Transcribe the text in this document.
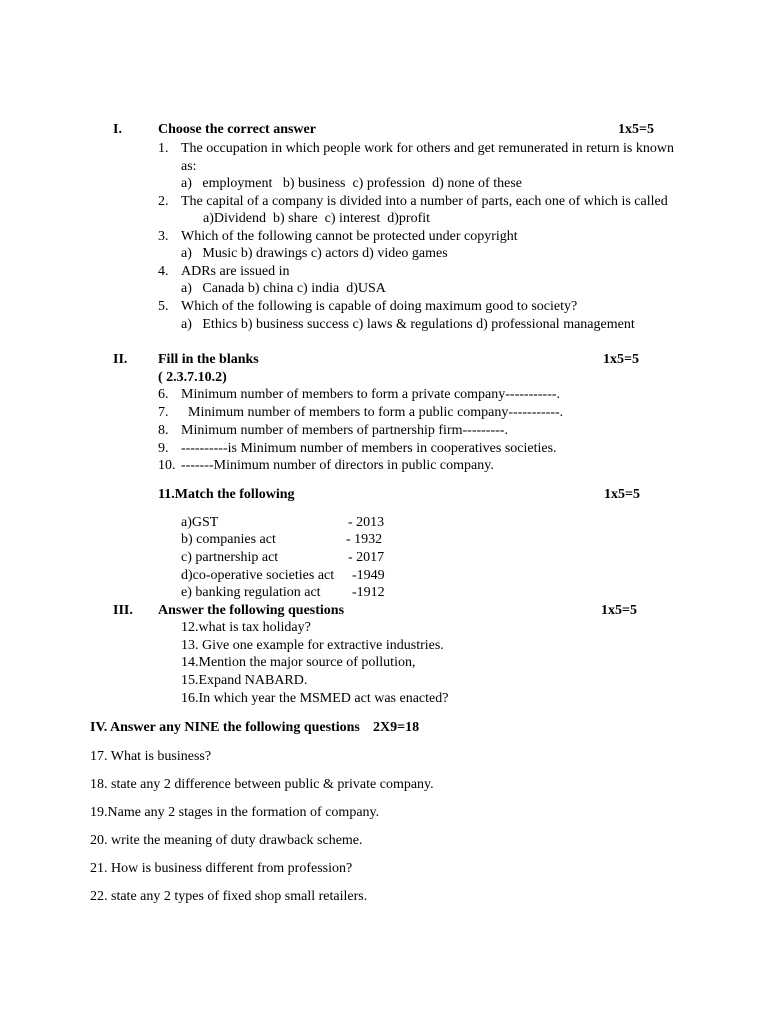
I.	Choose the correct answer	1x5=5
1. The occupation in which people work for others and get remunerated in return is known
as:
a)   employment   b) business  c) profession  d) none of these
2. The capital of a company is divided into a number of parts, each one of which is called
a)Dividend  b) share  c) interest  d)profit
3. Which of the following cannot be protected under copyright
a)   Music b) drawings c) actors d) video games
4. ADRs are issued in
a)   Canada b) china c) india  d)USA
5. Which of the following is capable of doing maximum good to society?
a)   Ethics b) business success c) laws & regulations d) professional management
II. Fill in the blanks	1x5=5
( 2.3.7.10.2)
6. Minimum number of members to form a private company-----------.
7. Minimum number of members to form a public company-----------.
8. Minimum number of members of partnership firm---------.
9. ----------is Minimum number of members in cooperatives societies.
10. -------Minimum number of directors in public company.
11.Match the following	1x5=5
a)GST	- 2013
b) companies act	- 1932
c) partnership act	- 2017
d)co-operative societies act -1949
e) banking regulation act -1912
III. Answer the following questions	1x5=5
12.what is tax holiday?
13. Give one example for extractive industries.
14.Mention the major source of pollution,
15.Expand NABARD.
16.In which year the MSMED act was enacted?
IV. Answer any NINE the following questions 2X9=18
17. What is business?
18. state any 2 difference between public & private company.
19.Name any 2 stages in the formation of company.
20. write the meaning of duty drawback scheme.
21. How is business different from profession?
22. state any 2 types of fixed shop small retailers.
